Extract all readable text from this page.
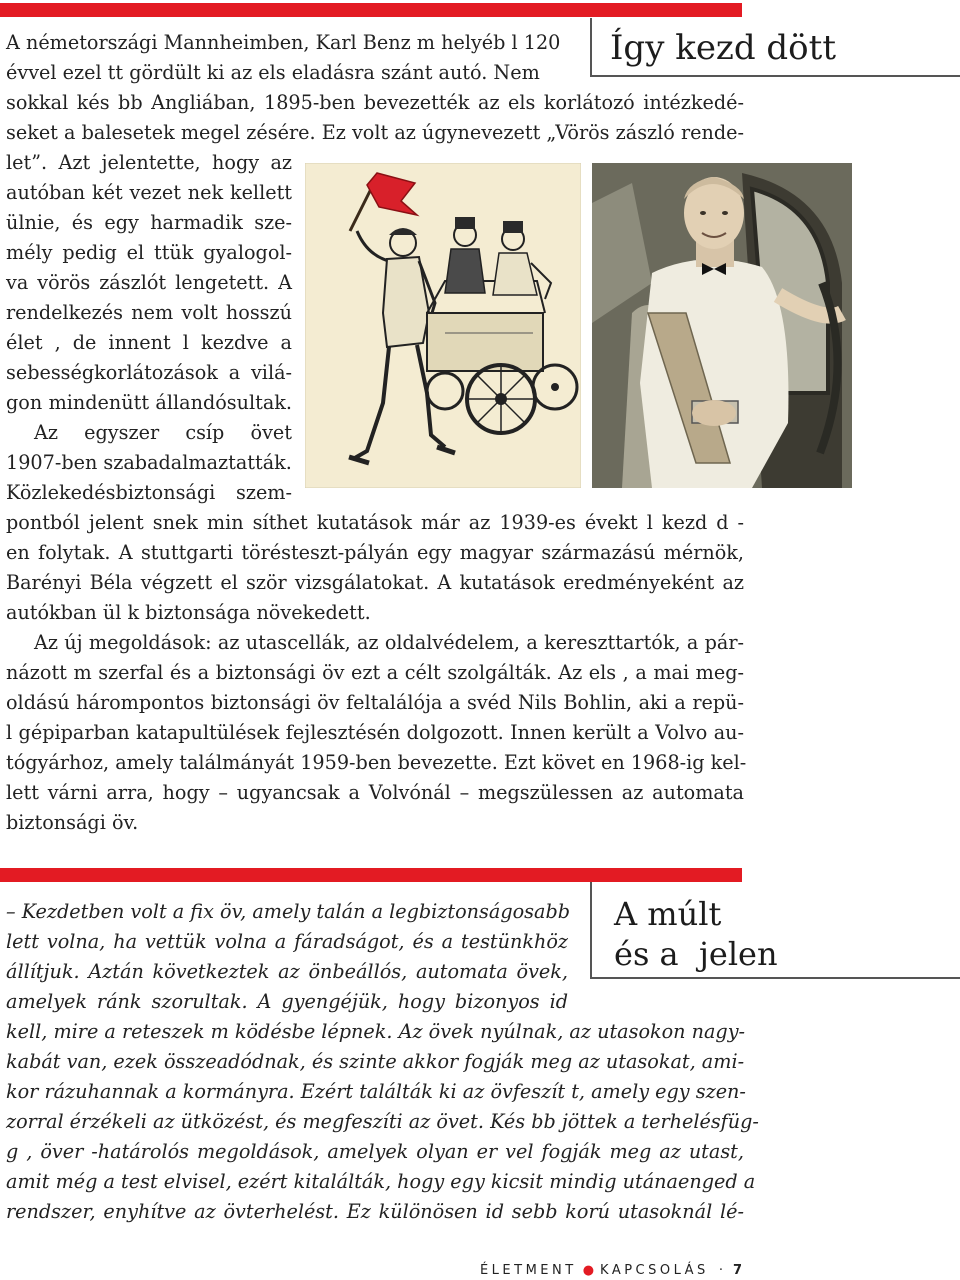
Így kezd dött
A németországi Mannheimben, Karl Benz m helyéb l 120
évvel ezel tt gördült ki az els eladásra szánt autó. Nem
sokkal kés bb Angliában, 1895-ben bevezették az els korlátozó intézkedé-
seket a balesetek megel zésére. Ez volt az úgynevezett „Vörös zászló rende-
let”. Azt jelentette, hogy az
autóban két vezet nek kellett
ülnie, és egy harmadik sze-
mély pedig el ttük gyalogol-
va vörös zászlót lengetett. A
rendelkezés nem volt hosszú
élet , de innent l kezdve a
sebességkorlátozások a vilá-
gon mindenütt állandósultak.
Az egyszer csíp övet
1907-ben szabadalmaztatták.
Közlekedésbiztonsági szem-
pontból jelent snek min síthet kutatások már az 1939-es évekt l kezd d -
en folytak. A stuttgarti törésteszt-pályán egy magyar származású mérnök,
Barényi Béla végzett el ször vizsgálatokat. A kutatások eredményeként az
autókban ül k biztonsága növekedett.
Az új megoldások: az utascellák, az oldalvédelem, a kereszttartók, a pár-
názott m szerfal és a biztonsági öv ezt a célt szolgálták. Az els , a mai meg-
oldású hárompontos biztonsági öv feltalálója a svéd Nils Bohlin, aki a repü-
l gépiparban katapultülések fejlesztésén dolgozott. Innen került a Volvo au-
tógyárhoz, amely találmányát 1959-ben bevezette. Ezt követ en 1968-ig kel-
lett várni arra, hogy – ugyancsak a Volvónál – megszülessen az automata
biztonsági öv.
A múlt
és a  jelen
– Kezdetben volt a fix öv, amely talán a legbiztonságosabb
lett volna, ha vettük volna a fáradságot, és a testünkhöz
állítjuk. Aztán következtek az önbeállós, automata övek,
amelyek ránk szorultak. A gyengéjük, hogy bizonyos id
kell, mire a reteszek m ködésbe lépnek. Az övek nyúlnak, az utasokon nagy-
kabát van, ezek összeadódnak, és szinte akkor fogják meg az utasokat, ami-
kor rázuhannak a kormányra. Ezért találták ki az övfeszít t, amely egy szen-
zorral érzékeli az ütközést, és megfeszíti az övet. Kés bb jöttek a terhelésfüg-
g , över -határolós megoldások, amelyek olyan er vel fogják meg az utast,
amit még a test elvisel, ezért kitalálták, hogy egy kicsit mindig utánaenged a
rendszer, enyhítve az övterhelést. Ez különösen id sebb korú utasoknál lé-
ÉLETMENT ● KAPCSOLÁS · 7
